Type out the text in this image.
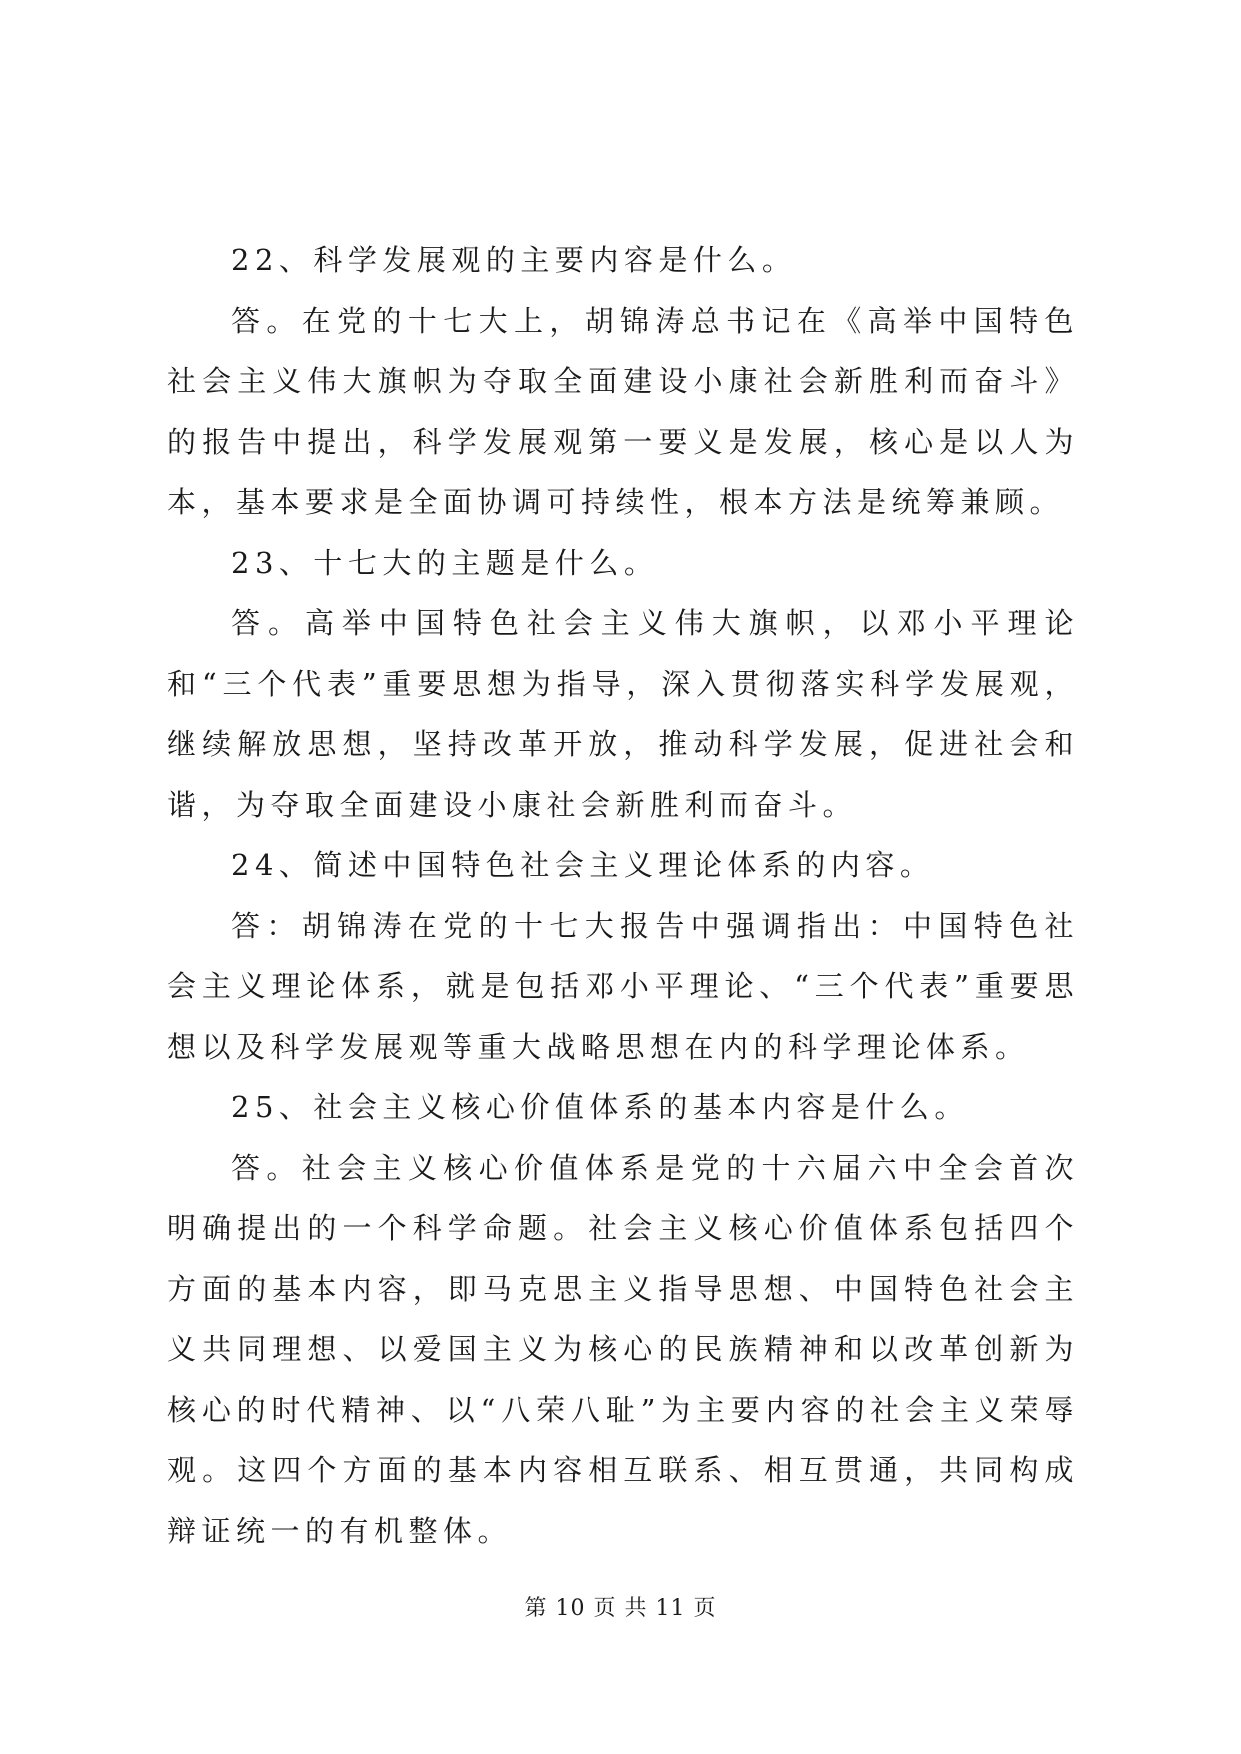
22、科学发展观的主要内容是什么。

答。在党的十七大上，胡锦涛总书记在《高举中国特色社会主义伟大旗帜为夺取全面建设小康社会新胜利而奋斗》的报告中提出，科学发展观第一要义是发展，核心是以人为本，基本要求是全面协调可持续性，根本方法是统筹兼顾。

23、十七大的主题是什么。

答。高举中国特色社会主义伟大旗帜，以邓小平理论和“三个代表”重要思想为指导，深入贯彻落实科学发展观，继续解放思想，坚持改革开放，推动科学发展，促进社会和谐，为夺取全面建设小康社会新胜利而奋斗。

24、简述中国特色社会主义理论体系的内容。

答：胡锦涛在党的十七大报告中强调指出：中国特色社会主义理论体系，就是包括邓小平理论、“三个代表”重要思想以及科学发展观等重大战略思想在内的科学理论体系。

25、社会主义核心价值体系的基本内容是什么。

答。社会主义核心价值体系是党的十六届六中全会首次明确提出的一个科学命题。社会主义核心价值体系包括四个方面的基本内容，即马克思主义指导思想、中国特色社会主义共同理想、以爱国主义为核心的民族精神和以改革创新为核心的时代精神、以“八荣八耻”为主要内容的社会主义荣辱观。这四个方面的基本内容相互联系、相互贯通，共同构成辩证统一的有机整体。

第 10 页 共 11 页
